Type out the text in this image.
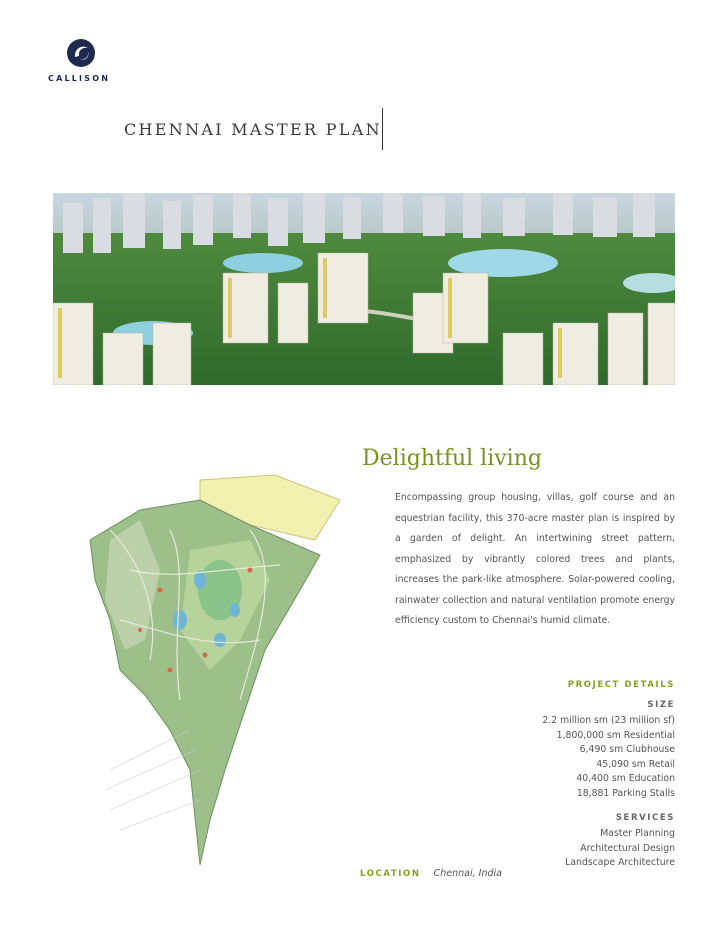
CALLISON
CHENNAI MASTER PLAN
Delightful living

Encompassing group housing, villas, golf course and an equestrian facility, this 370-acre master plan is inspired by a garden of delight. An intertwining street pattern, emphasized by vibrantly colored trees and plants, increases the park-like atmosphere. Solar-powered cooling, rainwater collection and natural ventilation promote energy efficiency custom to Chennai's humid climate.

PROJECT DETAILS
SIZE
2.2 million sm (23 million sf)
1,800,000 sm Residential
6,490 sm Clubhouse
45,090 sm Retail
40,400 sm Education
18,881 Parking Stalls
SERVICES
Master Planning
Architectural Design
Landscape Architecture
LOCATION Chennai, India
